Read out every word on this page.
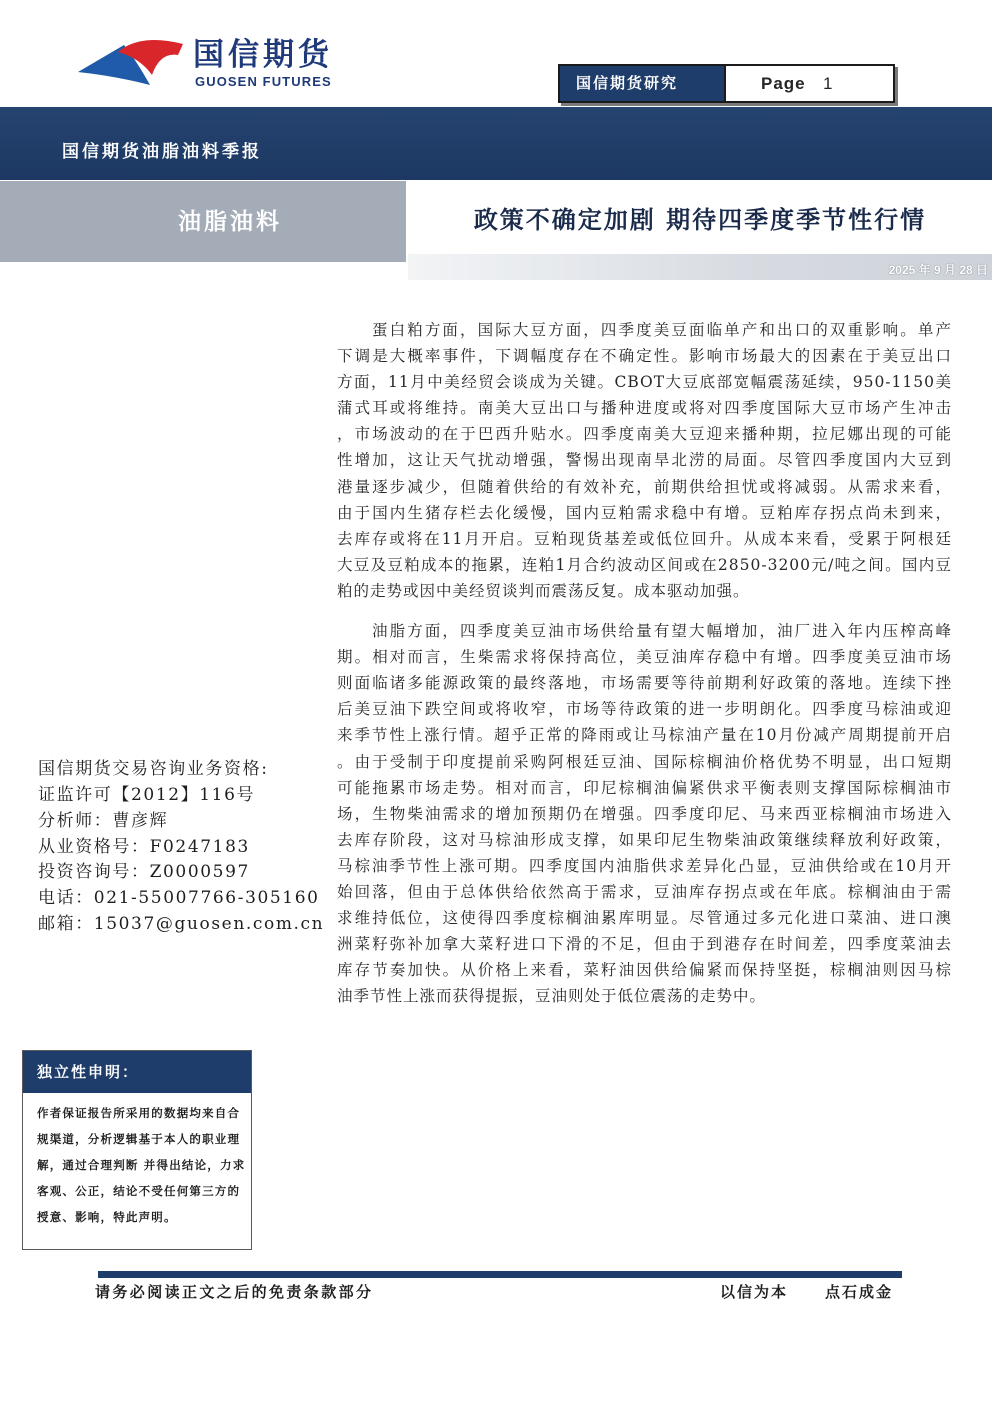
国信期货
GUOSEN FUTURES	国信期货研究	Page 1
国信期货油脂油料季报
油脂油料	政策不确定加剧 期待四季度季节性行情
2025 年 9 月 28 日
蛋白粕方面，国际大豆方面，四季度美豆面临单产和出口的双重影响。单产
下调是大概率事件，下调幅度存在不确定性。影响市场最大的因素在于美豆出口
方面，11月中美经贸会谈成为关键。CBOT大豆底部宽幅震荡延续，950-1150美
蒲式耳或将维持。南美大豆出口与播种进度或将对四季度国际大豆市场产生冲击
，市场波动的在于巴西升贴水。四季度南美大豆迎来播种期，拉尼娜出现的可能
性增加，这让天气扰动增强，警惕出现南旱北涝的局面。尽管四季度国内大豆到
港量逐步减少，但随着供给的有效补充，前期供给担忧或将减弱。从需求来看，
由于国内生猪存栏去化缓慢，国内豆粕需求稳中有增。豆粕库存拐点尚未到来，
去库存或将在11月开启。豆粕现货基差或低位回升。从成本来看，受累于阿根廷
大豆及豆粕成本的拖累，连粕1月合约波动区间或在2850-3200元/吨之间。国内豆
粕的走势或因中美经贸谈判而震荡反复。成本驱动加强。
油脂方面，四季度美豆油市场供给量有望大幅增加，油厂进入年内压榨高峰
期。相对而言，生柴需求将保持高位，美豆油库存稳中有增。四季度美豆油市场
则面临诸多能源政策的最终落地，市场需要等待前期利好政策的落地。连续下挫
后美豆油下跌空间或将收窄，市场等待政策的进一步明朗化。四季度马棕油或迎
来季节性上涨行情。超乎正常的降雨或让马棕油产量在10月份减产周期提前开启
。由于受制于印度提前采购阿根廷豆油、国际棕榈油价格优势不明显，出口短期
可能拖累市场走势。相对而言，印尼棕榈油偏紧供求平衡表则支撑国际棕榈油市
场，生物柴油需求的增加预期仍在增强。四季度印尼、马来西亚棕榈油市场进入
去库存阶段，这对马棕油形成支撑，如果印尼生物柴油政策继续释放利好政策，
马棕油季节性上涨可期。四季度国内油脂供求差异化凸显，豆油供给或在10月开
始回落，但由于总体供给依然高于需求，豆油库存拐点或在年底。棕榈油由于需
求维持低位，这使得四季度棕榈油累库明显。尽管通过多元化进口菜油、进口澳
洲菜籽弥补加拿大菜籽进口下滑的不足，但由于到港存在时间差，四季度菜油去
库存节奏加快。从价格上来看，菜籽油因供给偏紧而保持坚挺，棕榈油则因马棕
油季节性上涨而获得提振，豆油则处于低位震荡的走势中。
国信期货交易咨询业务资格:
证监许可【2012】116号
分析师：曹彦辉
从业资格号：F0247183
投资咨询号：Z0000597
电话：021-55007766-305160
邮箱：15037@guosen.com.cn
独立性申明：
作者保证报告所采用的数据均来自合
规渠道，分析逻辑基于本人的职业理
解，通过合理判断 并得出结论，力求
客观、公正，结论不受任何第三方的
授意、影响，特此声明。
请务必阅读正文之后的免责条款部分	以信为本 点石成金
